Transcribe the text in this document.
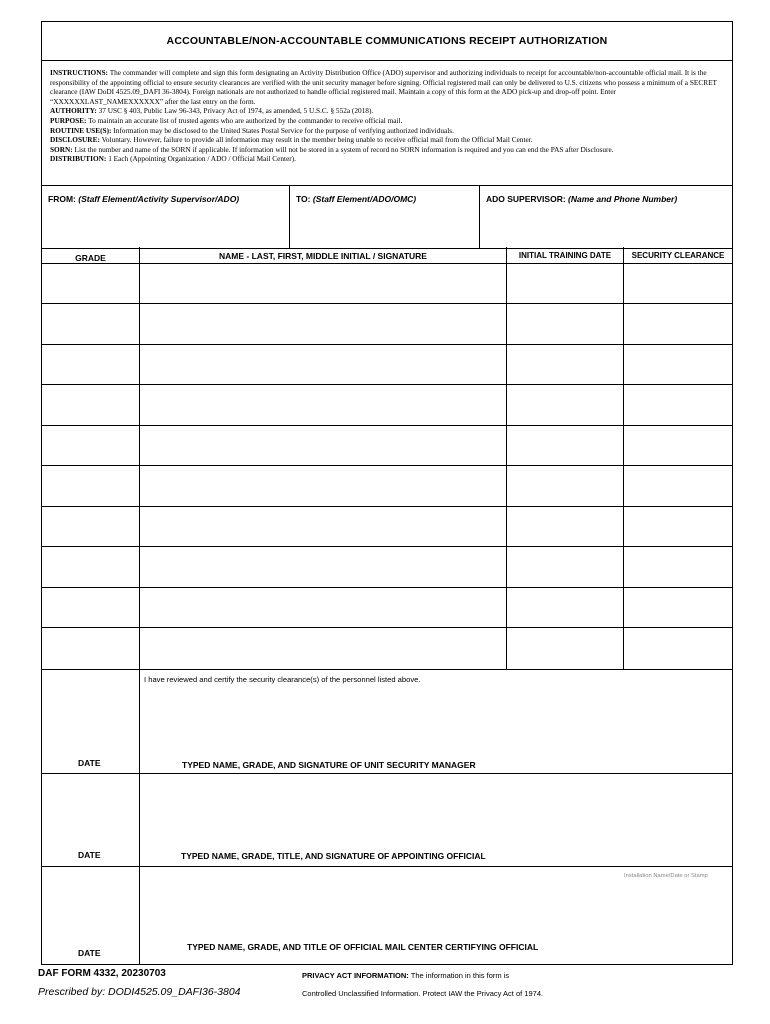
ACCOUNTABLE/NON-ACCOUNTABLE COMMUNICATIONS RECEIPT AUTHORIZATION

INSTRUCTIONS: The commander will complete and sign this form designating an Activity Distribution Office (ADO) supervisor and authorizing individuals to receipt for accountable/non-accountable official mail. It is the responsibility of the appointing official to ensure security clearances are verified with the unit security manager before signing. Official registered mail can only be delivered to U.S. citizens who possess a minimum of a SECRET clearance (IAW DoDI 4525.09_DAFI 36-3804). Foreign nationals are not authorized to handle official registered mail. Maintain a copy of this form at the ADO pick-up and drop-off point. Enter “XXXXXXLAST_NAMEXXXXXX” after the last entry on the form.

AUTHORITY: 37 USC § 403, Public Law 96-343, Privacy Act of 1974, as amended, 5 U.S.C. § 552a (2018).

PURPOSE: To maintain an accurate list of trusted agents who are authorized by the commander to receive official mail.

ROUTINE USE(S): Information may be disclosed to the United States Postal Service for the purpose of verifying authorized individuals.

DISCLOSURE: Voluntary. However, failure to provide all information may result in the member being unable to receive official mail from the Official Mail Center.

SORN: List the number and name of the SORN if applicable. If information will not be stored in a system of record no SORN information is required and you can end the PAS after Disclosure.

DISTRIBUTION: 1 Each (Appointing Organization / ADO / Official Mail Center).

FROM: (Staff Element/Activity Supervisor/ADO)	TO: (Staff Element/ADO/OMC)	ADO SUPERVISOR: (Name and Phone Number)
GRADE	NAME - LAST, FIRST, MIDDLE INITIAL / SIGNATURE	INITIAL TRAINING DATE	SECURITY CLEARANCE
I have reviewed and certify the security clearance(s) of the personnel listed above.
DATE	TYPED NAME, GRADE, AND SIGNATURE OF UNIT SECURITY MANAGER
DATE	TYPED NAME, GRADE, TITLE, AND SIGNATURE OF APPOINTING OFFICIAL
Installation Name/Date or Stamp
DATE
TYPED NAME, GRADE, AND TITLE OF OFFICIAL MAIL CENTER CERTIFYING OFFICIAL
DAF FORM 4332, 20230703
Prescribed by: DODI4525.09_DAFI36-3804
PRIVACY ACT INFORMATION: The information in this form is
Controlled Unclassified Information. Protect IAW the Privacy Act of 1974.
